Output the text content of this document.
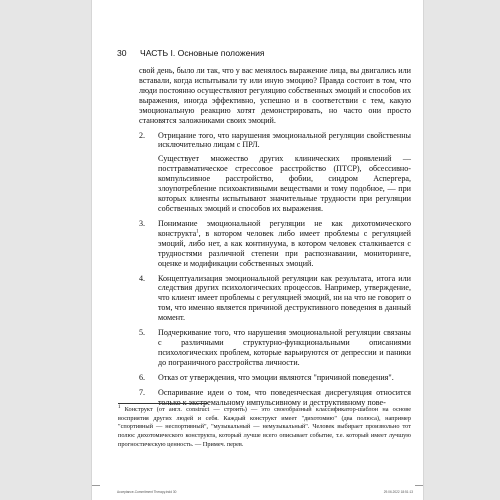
30 ЧАСТЬ I. Основные положения

свой день, было ли так, что у вас менялось выражение лица, вы двигались или вставали, когда испытывали ту или иную эмоцию? Правда состоит в том, что люди постоянно осуществляют регуляцию собственных эмоций и способов их выражения, иногда эффективно, успешно и в соответствии с тем, какую эмоциональную реакцию хотят демонстрировать, но часто они просто становятся заложниками своих эмоций.

2. Отрицание того, что нарушения эмоциональной регуляции свойственны исключительно лицам с ПРЛ.

Существует множество других клинических проявлений — посттравматическое стрессовое расстройство (ПТСР), обсессивно-компульсивное расстройство, фобии, синдром Аспергера, злоупотребление психоактивными веществами и тому подобное, — при которых клиенты испытывают значительные трудности при регуляции собственных эмоций и способов их выражения.

3. Понимание эмоциональной регуляции не как дихотомического конструкта$^1$, в котором человек либо имеет проблемы с регуляцией эмоций, либо нет, а как континуума, в котором человек сталкивается с трудностями различной степени при распознавании, мониторинге, оценке и модификации собственных эмоций.

4. Концептуализация эмоциональной регуляции как результата, итога или следствия других психологических процессов. Например, утверждение, что клиент имеет проблемы с регуляцией эмоций, ни на что не говорит о том, что именно является причиной деструктивного поведения в данный момент.

5. Подчеркивание того, что нарушения эмоциональной регуляции связаны с различными структурно-функциональными описаниями психологических проблем, которые варьируются от депрессии и паники до пограничного расстройства личности.

6. Отказ от утверждения, что эмоции являются "причиной поведения".

7. Оспаривание идеи о том, что поведенческая дисрегуляция относится только к экстремальному импульсивному и деструктивному пове-

$^1$ Конструкт (от англ. construct — строить) — это своеобразный классификатор-шаблон на основе восприятия других людей и себя. Каждый конструкт имеет "дихотомию" (два полюса), например "спортивный — неспортивный", "музыкальный — немузыкальный". Человек выбирает произвольно тот полюс дихотомического конструкта, который лучше всего описывает событие, т.е. который имеет лучшую прогностическую ценность. — Примеч. перев.
Acceptance-Commitment Therapy.indd 30	29.06.2022 18:51:13
